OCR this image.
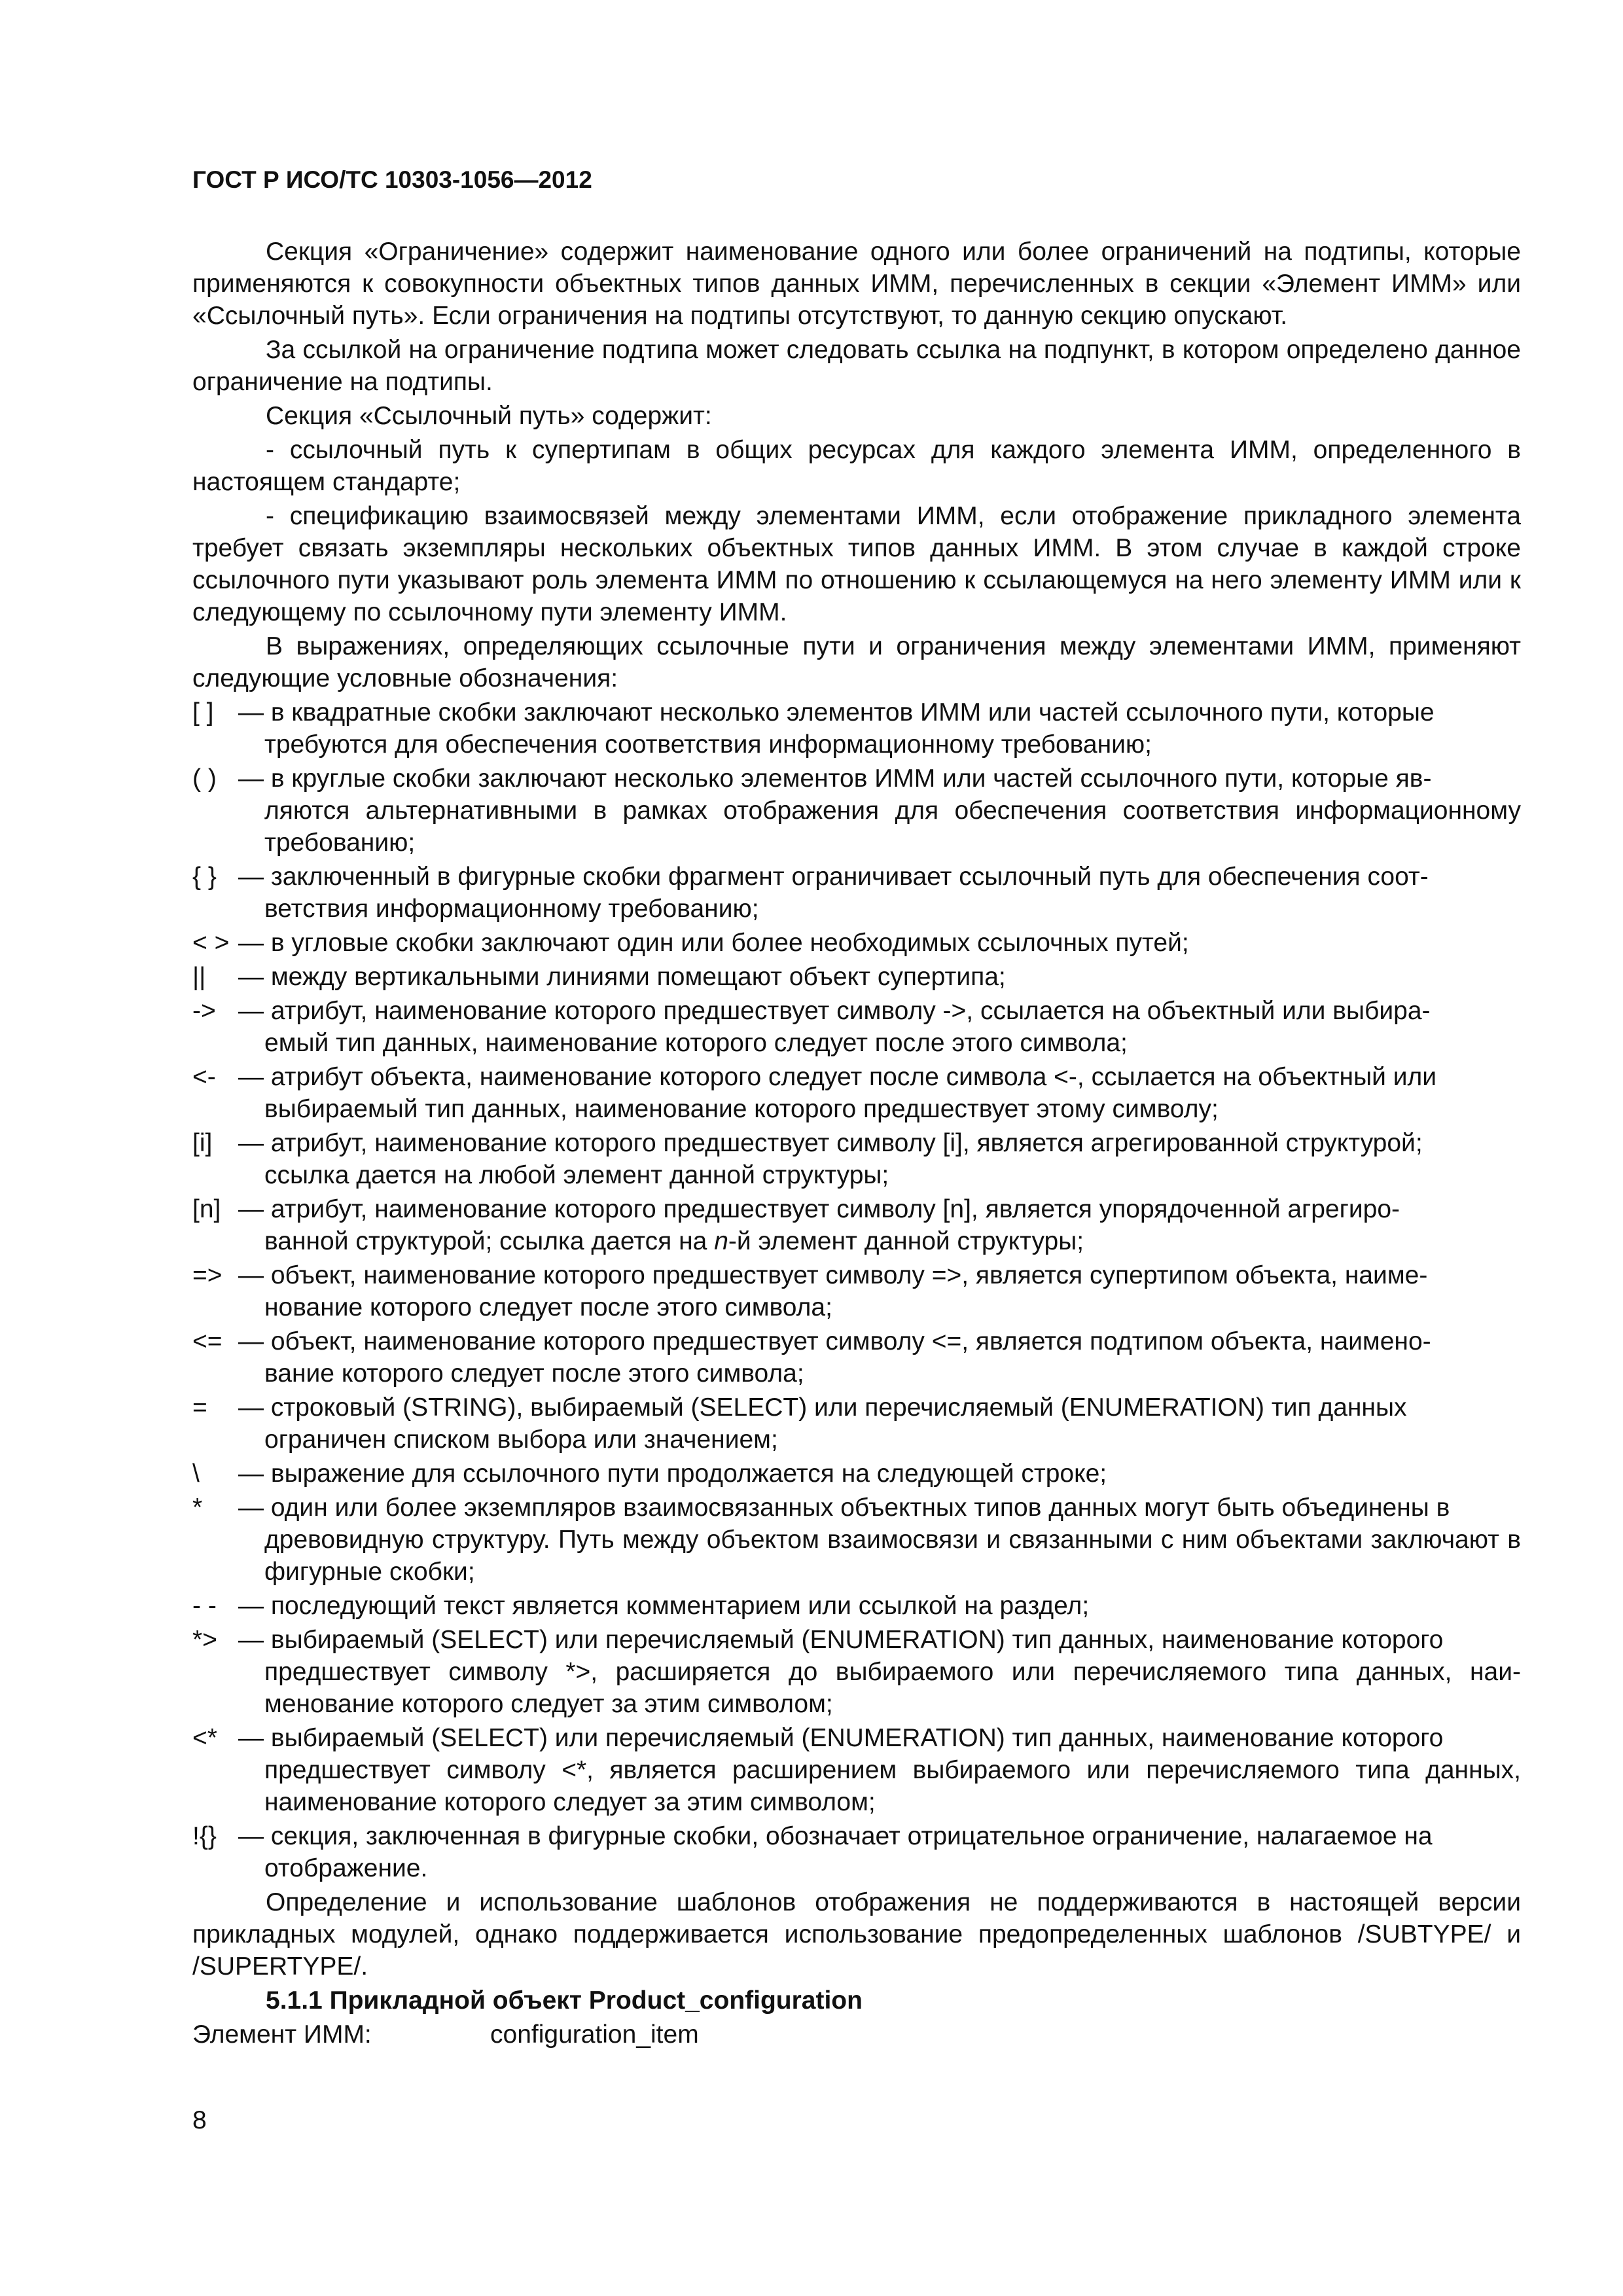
ГОСТ Р ИСО/ТС 10303-1056—2012

Секция «Ограничение» содержит наименование одного или более ограничений на подтипы, которые применяются к совокупности объектных типов данных ИММ, перечисленных в секции «Элемент ИММ» или «Ссылочный путь». Если ограничения на подтипы отсутствуют, то данную секцию опускают.

За ссылкой на ограничение подтипа может следовать ссылка на подпункт, в котором определено данное ограничение на подтипы.

Секция «Ссылочный путь» содержит:

- ссылочный путь к супертипам в общих ресурсах для каждого элемента ИММ, определенного в настоящем стандарте;

- спецификацию взаимосвязей между элементами ИММ, если отображение прикладного элемента требует связать экземпляры нескольких объектных типов данных ИММ. В этом случае в каждой строке ссылочного пути указывают роль элемента ИММ по отношению к ссылающемуся на него элементу ИММ или к следующему по ссылочному пути элементу ИММ.

В выражениях, определяющих ссылочные пути и ограничения между элементами ИММ, применяют следующие условные обозначения:

[ ] — в квадратные скобки заключают несколько элементов ИММ или частей ссылочного пути, которые
требуются для обеспечения соответствия информационному требованию;
( ) — в круглые скобки заключают несколько элементов ИММ или частей ссылочного пути, которые яв-
ляются альтернативными в рамках отображения для обеспечения соответствия информационному требованию;
{ } — заключенный в фигурные скобки фрагмент ограничивает ссылочный путь для обеспечения соот-
ветствия информационному требованию;
< > — в угловые скобки заключают один или более необходимых ссылочных путей;
||	— между вертикальными линиями помещают объект супертипа;
-> — атрибут, наименование которого предшествует символу ->, ссылается на объектный или выбира-
емый тип данных, наименование которого следует после этого символа;
<- — атрибут объекта, наименование которого следует после символа <-, ссылается на объектный или
выбираемый тип данных, наименование которого предшествует этому символу;
[i]	— атрибут, наименование которого предшествует символу [i], является агрегированной структурой;
ссылка дается на любой элемент данной структуры;
[n] — атрибут, наименование которого предшествует символу [n], является упорядоченной агрегиро-
ванной структурой; ссылка дается на n-й элемент данной структуры;
=> — объект, наименование которого предшествует символу =>, является супертипом объекта, наиме-
нование которого следует после этого символа;
<= — объект, наименование которого предшествует символу <=, является подтипом объекта, наимено-
вание которого следует после этого символа;
=	— строковый (STRING), выбираемый (SELECT) или перечисляемый (ENUMERATION) тип данных
ограничен списком выбора или значением;
\	— выражение для ссылочного пути продолжается на следующей строке;
*	— один или более экземпляров взаимосвязанных объектных типов данных могут быть объединены в
древовидную структуру. Путь между объектом взаимосвязи и связанными с ним объектами заключают в фигурные скобки;
- - — последующий текст является комментарием или ссылкой на раздел;
*> — выбираемый (SELECT) или перечисляемый (ENUMERATION) тип данных, наименование которого
предшествует символу *>, расширяется до выбираемого или перечисляемого типа данных, наименование которого следует за этим символом;
<* — выбираемый (SELECT) или перечисляемый (ENUMERATION) тип данных, наименование которого
предшествует символу <*, является расширением выбираемого или перечисляемого типа данных, наименование которого следует за этим символом;
!{} — секция, заключенная в фигурные скобки, обозначает отрицательное ограничение, налагаемое на
отображение.

Определение и использование шаблонов отображения не поддерживаются в настоящей версии прикладных модулей, однако поддерживается использование предопределенных шаблонов /SUBTYPE/ и /SUPERTYPE/.

5.1.1 Прикладной объект Product_configuration

Элемент ИММ:	configuration_item
8
